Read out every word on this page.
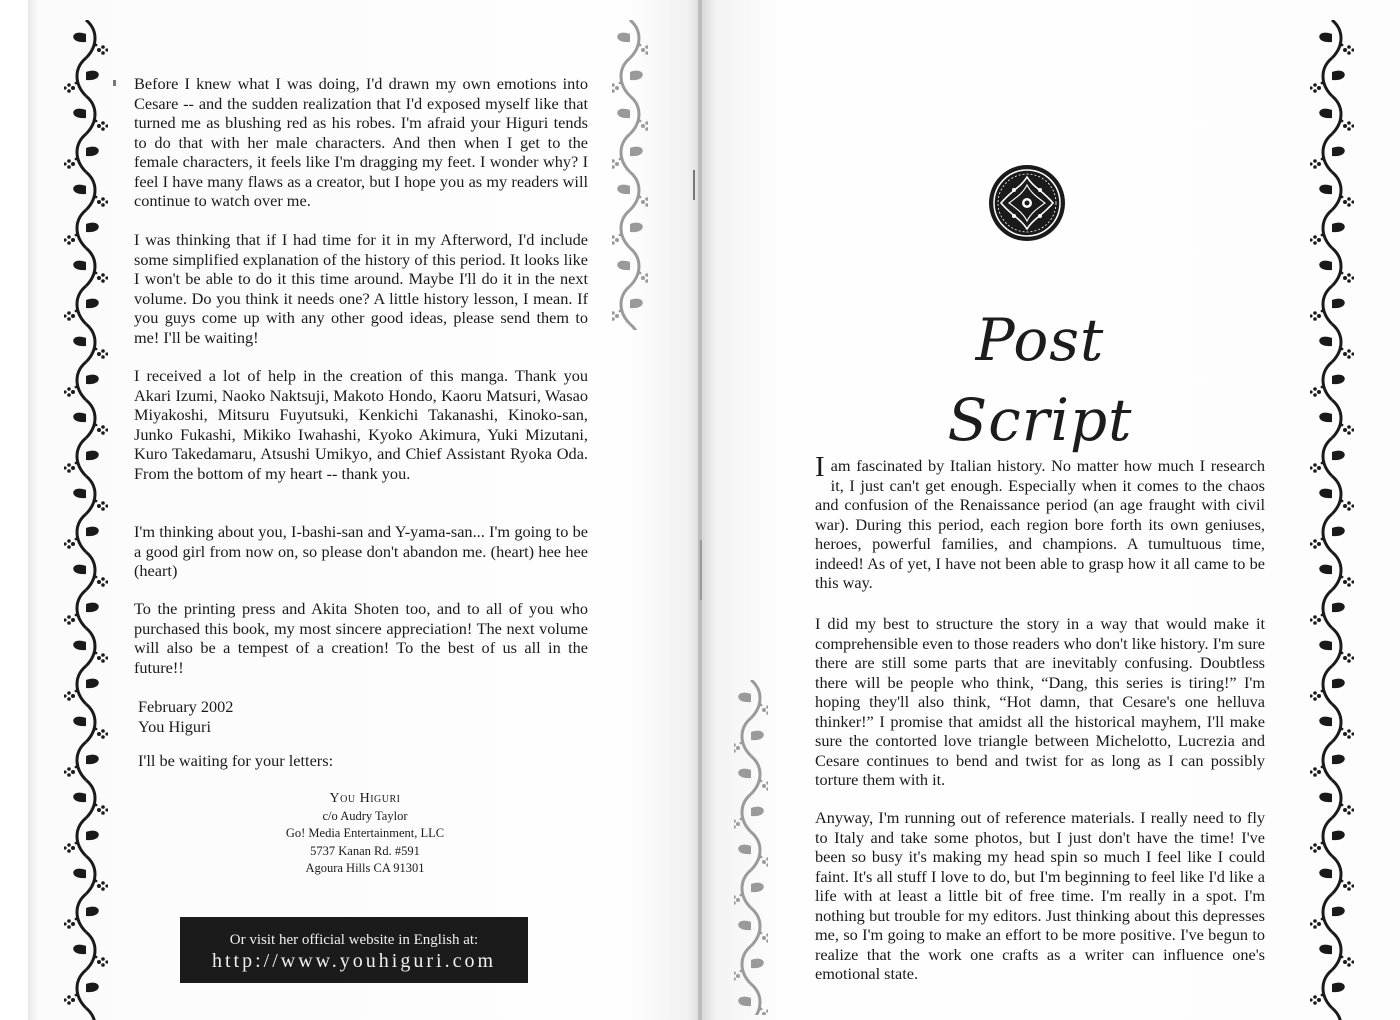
Before I knew what I was doing, I'd drawn my own emotions into Cesare -- and the sudden realization that I'd exposed myself like that turned me as blushing red as his robes. I'm afraid your Higuri tends to do that with her male characters. And then when I get to the female characters, it feels like I'm dragging my feet. I wonder why? I feel I have many flaws as a creator, but I hope you as my readers will continue to watch over me.

I was thinking that if I had time for it in my Afterword, I'd include some simplified explanation of the history of this period. It looks like I won't be able to do it this time around. Maybe I'll do it in the next volume. Do you think it needs one? A little history lesson, I mean. If you guys come up with any other good ideas, please send them to me! I'll be waiting!

I received a lot of help in the creation of this manga. Thank you Akari Izumi, Naoko Naktsuji, Makoto Hondo, Kaoru Matsuri, Wasao Miyakoshi, Mitsuru Fuyutsuki, Kenkichi Takanashi, Kinoko-san, Junko Fukashi, Mikiko Iwahashi, Kyoko Akimura, Yuki Mizutani, Kuro Takedamaru, Atsushi Umikyo, and Chief Assistant Ryoka Oda. From the bottom of my heart -- thank you.

I'm thinking about you, I-bashi-san and Y-yama-san... I'm going to be a good girl from now on, so please don't abandon me. (heart) hee hee (heart)

To the printing press and Akita Shoten too, and to all of you who purchased this book, my most sincere appreciation! The next volume will also be a tempest of a creation! To the best of us all in the future!!

February 2002
You Higuri
I'll be waiting for your letters:
You Higuri
c/o Audry Taylor
Go! Media Entertainment, LLC
5737 Kanan Rd. #591
Agoura Hills CA 91301
Or visit her official website in English at:
http://www.youhiguri.com
Post Script

I am fascinated by Italian history. No matter how much I research it, I just can't get enough. Especially when it comes to the chaos and confusion of the Renaissance period (an age fraught with civil war). During this period, each region bore forth its own geniuses, heroes, powerful families, and champions. A tumultuous time, indeed! As of yet, I have not been able to grasp how it all came to be this way.

I did my best to structure the story in a way that would make it comprehensible even to those readers who don't like history. I'm sure there are still some parts that are inevitably confusing. Doubtless there will be people who think, “Dang, this series is tiring!” I'm hoping they'll also think, “Hot damn, that Cesare's one helluva thinker!” I promise that amidst all the historical mayhem, I'll make sure the contorted love triangle between Michelotto, Lucrezia and Cesare continues to bend and twist for as long as I can possibly torture them with it.

Anyway, I'm running out of reference materials. I really need to fly to Italy and take some photos, but I just don't have the time! I've been so busy it's making my head spin so much I feel like I could faint. It's all stuff I love to do, but I'm beginning to feel like I'd like a life with at least a little bit of free time. I'm really in a spot. I'm nothing but trouble for my editors. Just thinking about this depresses me, so I'm going to make an effort to be more positive. I've begun to realize that the work one crafts as a writer can influence one's emotional state.
